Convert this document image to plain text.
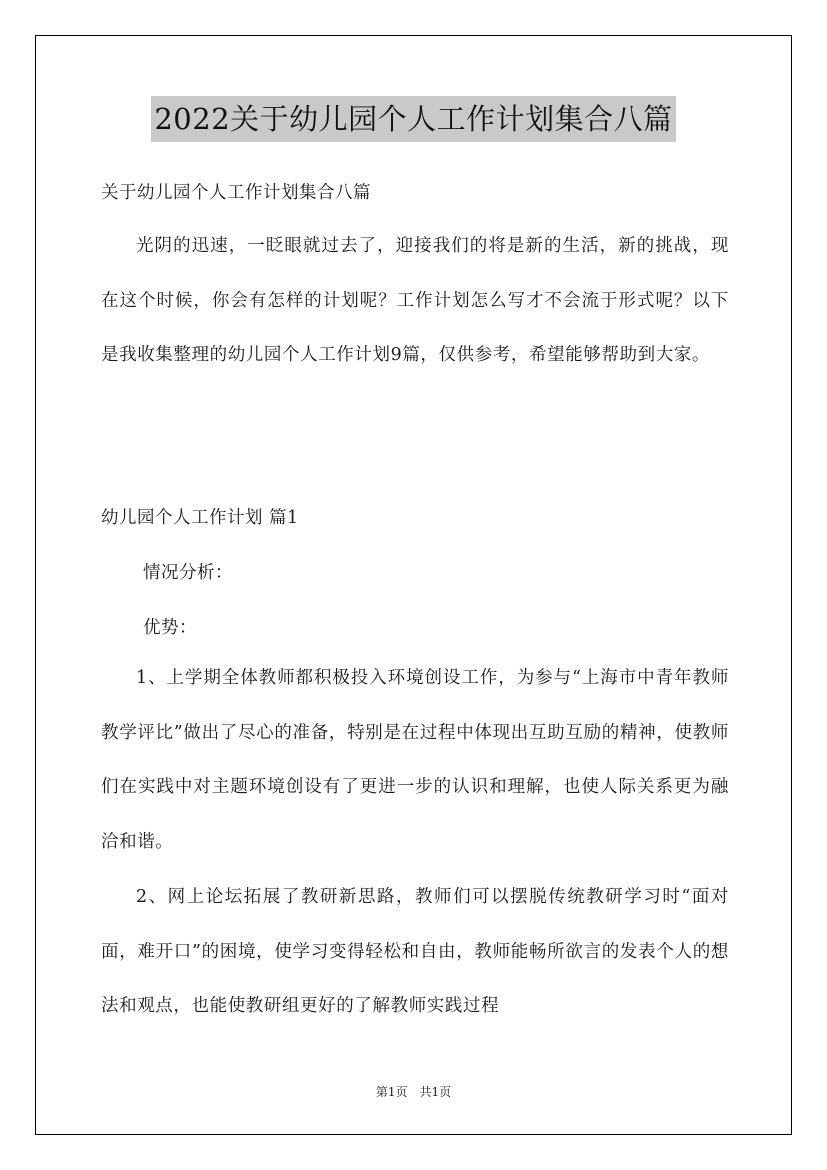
2022关于幼儿园个人工作计划集合八篇
关于幼儿园个人工作计划集合八篇

光阴的迅速，一眨眼就过去了，迎接我们的将是新的生活，新的挑战，现在这个时候，你会有怎样的计划呢？工作计划怎么写才不会流于形式呢？以下是我收集整理的幼儿园个人工作计划9篇，仅供参考，希望能够帮助到大家。

幼儿园个人工作计划 篇1
情况分析：
优势：

1、上学期全体教师都积极投入环境创设工作，为参与“上海市中青年教师教学评比”做出了尽心的准备，特别是在过程中体现出互助互励的精神，使教师们在实践中对主题环境创设有了更进一步的认识和理解，也使人际关系更为融洽和谐。

2、网上论坛拓展了教研新思路，教师们可以摆脱传统教研学习时“面对面，难开口”的困境，使学习变得轻松和自由，教师能畅所欲言的发表个人的想法和观点，也能使教研组更好的了解教师实践过程

第1页　共1页
